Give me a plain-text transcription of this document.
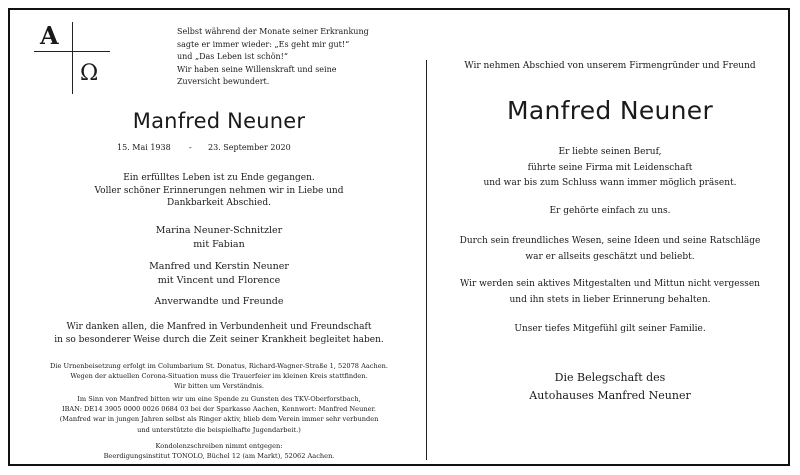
A
Ω
Selbst während der Monate seiner Erkrankung
sagte er immer wieder: „Es geht mir gut!“
und „Das Leben ist schön!“
Wir haben seine Willenskraft und seine
Zuversicht bewundert.
Manfred Neuner
15. Mai 1938 - 23. September 2020
Ein erfülltes Leben ist zu Ende gegangen.
Voller schöner Erinnerungen nehmen wir in Liebe und
Dankbarkeit Abschied.
Marina Neuner-Schnitzler
mit Fabian
Manfred und Kerstin Neuner
mit Vincent und Florence
Anverwandte und Freunde
Wir danken allen, die Manfred in Verbundenheit und Freundschaft
in so besonderer Weise durch die Zeit seiner Krankheit begleitet haben.
Die Urnenbeisetzung erfolgt im Columbarium St. Donatus, Richard-Wagner-Straße 1, 52078 Aachen.
Wegen der aktuellen Corona-Situation muss die Trauerfeier im kleinen Kreis stattfinden.
Wir bitten um Verständnis.
Im Sinn von Manfred bitten wir um eine Spende zu Gunsten des TKV-Oberforstbach,
IBAN: DE14 3905 0000 0026 0684 03 bei der Sparkasse Aachen, Kennwort: Manfred Neuner.
(Manfred war in jungen Jahren selbst als Ringer aktiv, blieb dem Verein immer sehr verbunden
und unterstützte die beispielhafte Jugendarbeit.)
Kondolenzschreiben nimmt entgegen:
Beerdigungsinstitut TONOLO, Büchel 12 (am Markt), 52062 Aachen.
Wir nehmen Abschied von unserem Firmengründer und Freund
Manfred Neuner
Er liebte seinen Beruf,
führte seine Firma mit Leidenschaft
und war bis zum Schluss wann immer möglich präsent.
Er gehörte einfach zu uns.
Durch sein freundliches Wesen, seine Ideen und seine Ratschläge
war er allseits geschätzt und beliebt.
Wir werden sein aktives Mitgestalten und Mittun nicht vergessen
und ihn stets in lieber Erinnerung behalten.
Unser tiefes Mitgefühl gilt seiner Familie.
Die Belegschaft des
Autohauses Manfred Neuner
